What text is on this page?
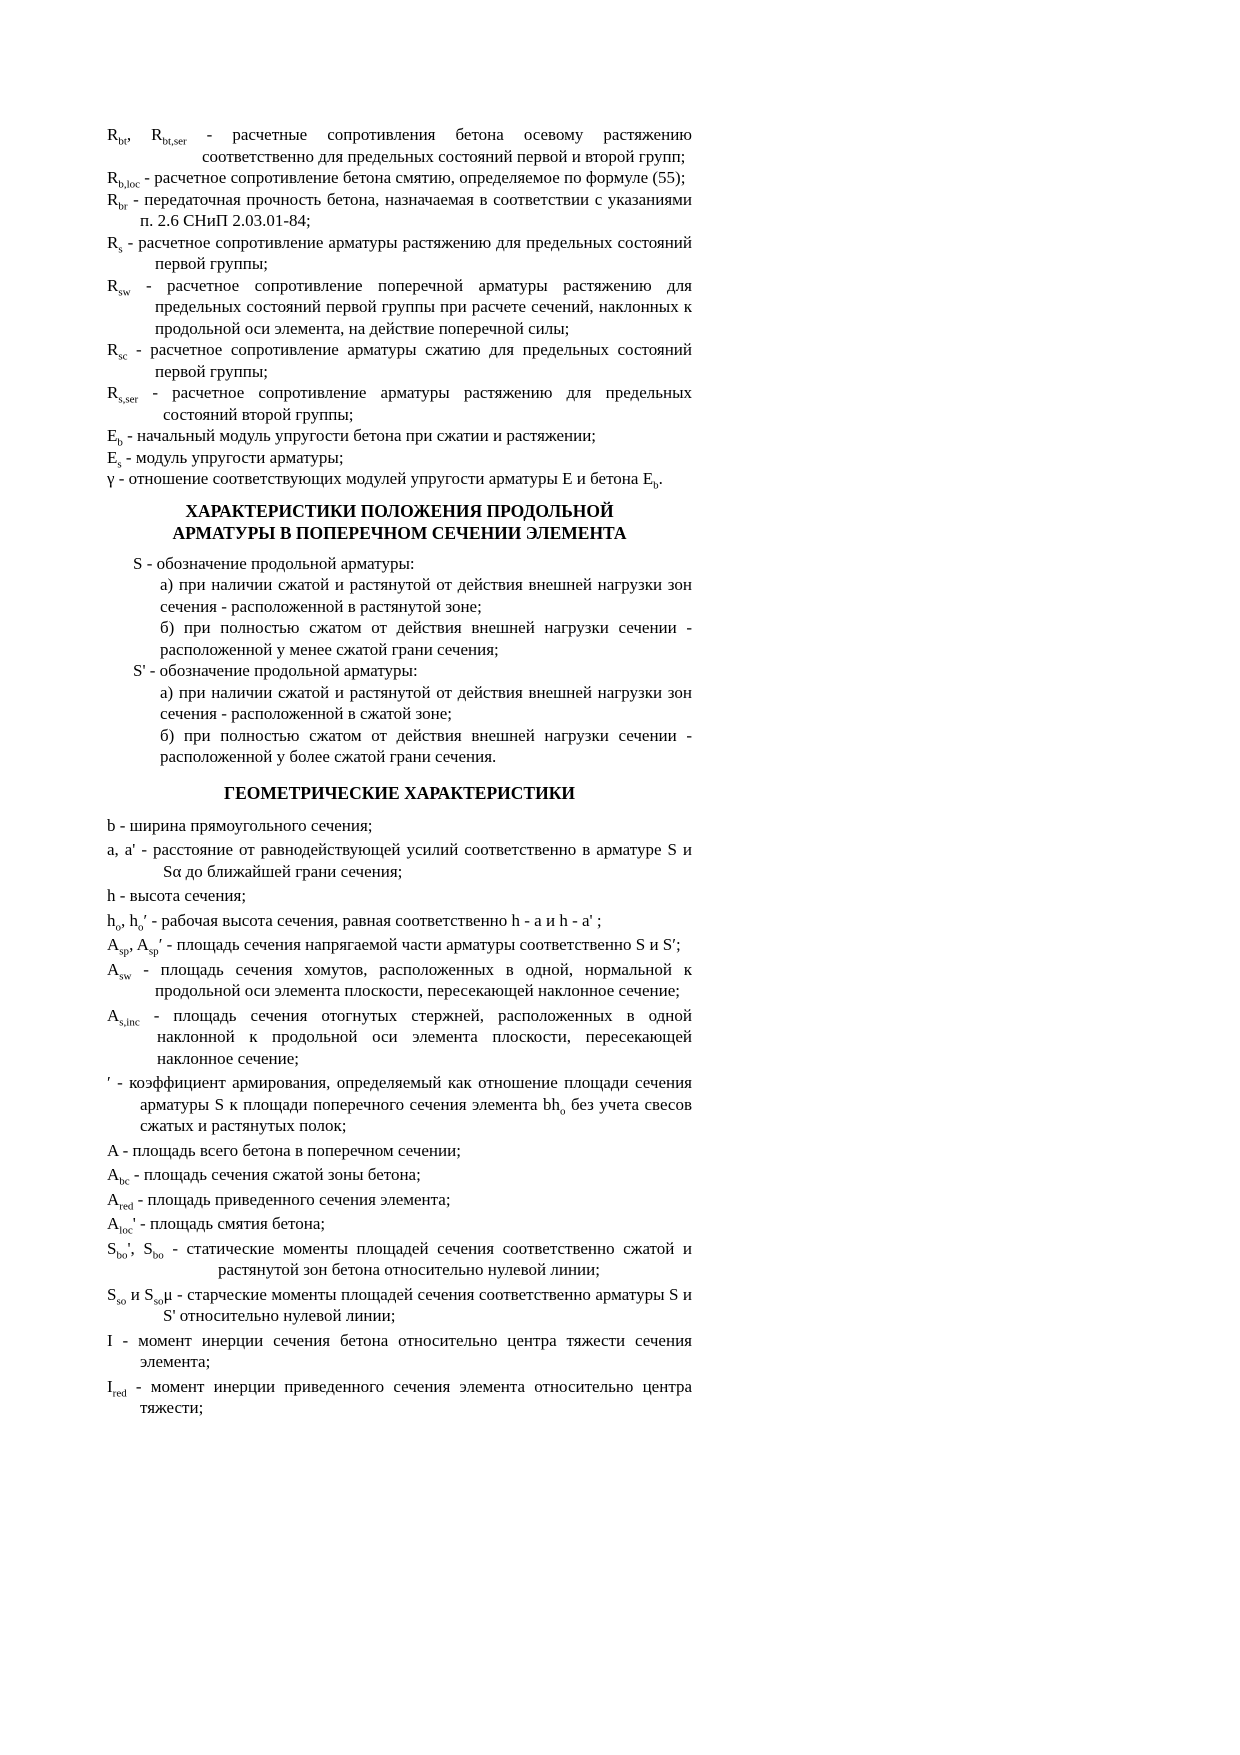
$R_{bt}$, $R_{bt,ser}$ - расчетные сопротивления бетона осевому растяжению соответственно для предельных состояний первой и второй групп;

$R_{b,loc}$ - расчетное сопротивление бетона смятию, определяемое по формуле (55);

$R_{br}$ - передаточная прочность бетона, назначаемая в соответствии с указаниями п. 2.6 СНиП 2.03.01-84;

$R_s$ - расчетное сопротивление арматуры растяжению для предельных состояний первой группы;

$R_{sw}$ - расчетное сопротивление поперечной арматуры растяжению для предельных состояний первой группы при расчете сечений, наклонных к продольной оси элемента, на действие поперечной силы;

$R_{sc}$ - расчетное сопротивление арматуры сжатию для предельных состояний первой группы;

$R_{s,ser}$ - расчетное сопротивление арматуры растяжению для предельных состояний второй группы;

$E_b$ - начальный модуль упругости бетона при сжатии и растяжении;

$E_s$ - модуль упругости арматуры;

γ - отношение соответствующих модулей упругости арматуры E и бетона $E_b$.

ХАРАКТЕРИСТИКИ ПОЛОЖЕНИЯ ПРОДОЛЬНОЙ
АРМАТУРЫ В ПОПЕРЕЧНОМ СЕЧЕНИИ ЭЛЕМЕНТА

S - обозначение продольной арматуры:

а) при наличии сжатой и растянутой от действия внешней нагрузки зон сечения - расположенной в растянутой зоне;

б) при полностью сжатом от действия внешней нагрузки сечении - расположенной у менее сжатой грани сечения;

S' - обозначение продольной арматуры:

а) при наличии сжатой и растянутой от действия внешней нагрузки зон сечения - расположенной в сжатой зоне;

б) при полностью сжатом от действия внешней нагрузки сечении - расположенной у более сжатой грани сечения.

ГЕОМЕТРИЧЕСКИЕ ХАРАКТЕРИСТИКИ

b - ширина прямоугольного сечения;

a, a' - расстояние от равнодействующей усилий соответственно в арматуре S и Sα до ближайшей грани сечения;

h - высота сечения;

$h_o$, $h_o'$ - рабочая высота сечения, равная соответственно h - a и h - a' ;

$A_{sp}$, $A_{sp}'$ - площадь сечения напрягаемой части арматуры соответственно S и S′;

$A_{sw}$ - площадь сечения хомутов, расположенных в одной, нормальной к продольной оси элемента плоскости, пересекающей наклонное сечение;

$A_{s,inc}$ - площадь сечения отогнутых стержней, расположенных в одной наклонной к продольной оси элемента плоскости, пересекающей наклонное сечение;

′ - коэффициент армирования, определяемый как отношение площади сечения арматуры S к площади поперечного сечения элемента $bh_o$ без учета свесов сжатых и растянутых полок;

A - площадь всего бетона в поперечном сечении;

$A_{bc}$ - площадь сечения сжатой зоны бетона;

$A_{red}$ - площадь приведенного сечения элемента;

$A_{loc}'$ - площадь смятия бетона;

$S_{bo}'$, $S_{bo}$ - статические моменты площадей сечения соответственно сжатой и растянутой зон бетона относительно нулевой линии;

$S_{so}$ и $S_{so}\mu$ - старческие моменты площадей сечения соответственно арматуры S и S' относительно нулевой линии;

I - момент инерции сечения бетона относительно центра тяжести сечения элемента;

$I_{red}$ - момент инерции приведенного сечения элемента относительно центра тяжести;
